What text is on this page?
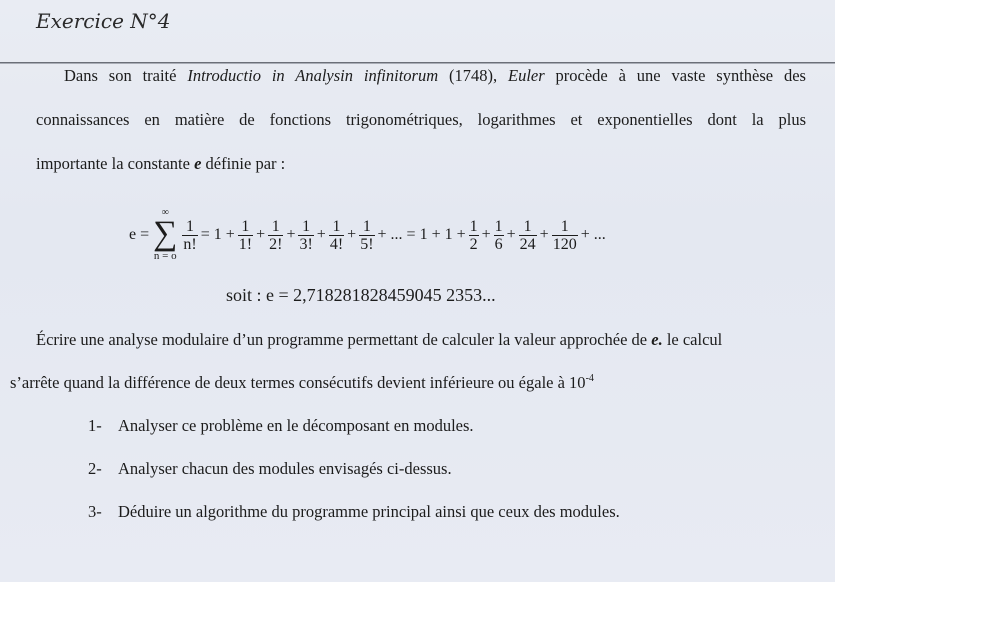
Exercice N°4
Dans son traité Introductio in Analysin infinitorum (1748), Euler procède à une vaste synthèse des
connaissances en matière de fonctions trigonométriques, logarithmes et exponentielles dont la plus
importante la constante e définie par :
e =
∞
∑
n = o
$\frac{1}{n!} = 1 + \frac{1}{1!} + \frac{1}{2!} + \frac{1}{3!} + \frac{1}{4!} + \frac{1}{5!}$ + ... = $1 + 1 + \frac{1}{2} + \frac{1}{6} + \frac{1}{24} + \frac{1}{120}$ + ...
soit : e = 2,718281828459045 2353...
Écrire une analyse modulaire d’un programme permettant de calculer la valeur approchée de e. le calcul
s’arrête quand la différence de deux termes consécutifs devient inférieure ou égale à $10^{-4}$
1- Analyser ce problème en le décomposant en modules.
2- Analyser chacun des modules envisagés ci-dessus.
3- Déduire un algorithme du programme principal ainsi que ceux des modules.
